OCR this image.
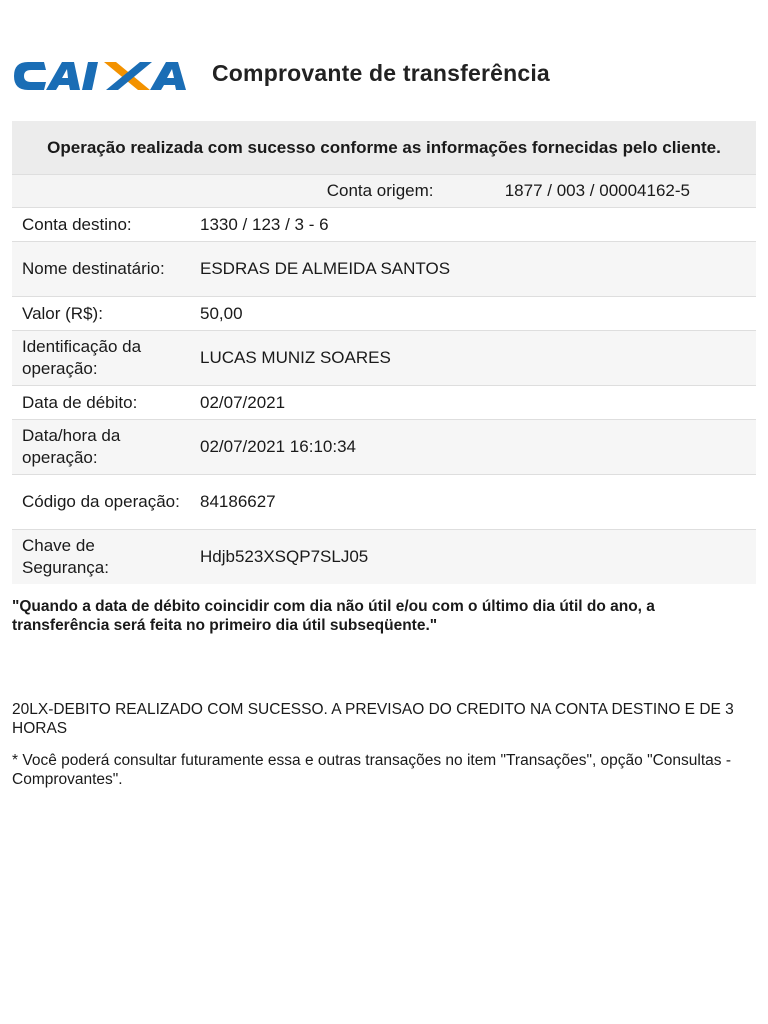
Comprovante de transferência
Operação realizada com sucesso conforme as informações fornecidas pelo cliente.	

Conta origem: 1877 / 003 / 00004162-5	

Conta destino:	1330 / 123 / 3 - 6
Nome destinatário:	ESDRAS DE ALMEIDA SANTOS
Valor (R$):	50,00
Identificação da operação:	LUCAS MUNIZ SOARES
Data de débito:	02/07/2021
Data/hora da operação:	02/07/2021 16:10:34
Código da operação:	84186627
Chave de Segurança:	Hdjb523XSQP7SLJ05
"Quando a data de débito coincidir com dia não útil e/ou com o último dia útil do ano, a transferência será feita no primeiro dia útil subseqüente."
20LX-DEBITO REALIZADO COM SUCESSO. A PREVISAO DO CREDITO NA CONTA DESTINO E DE 3 HORAS
* Você poderá consultar futuramente essa e outras transações no item "Transações", opção "Consultas - Comprovantes".
